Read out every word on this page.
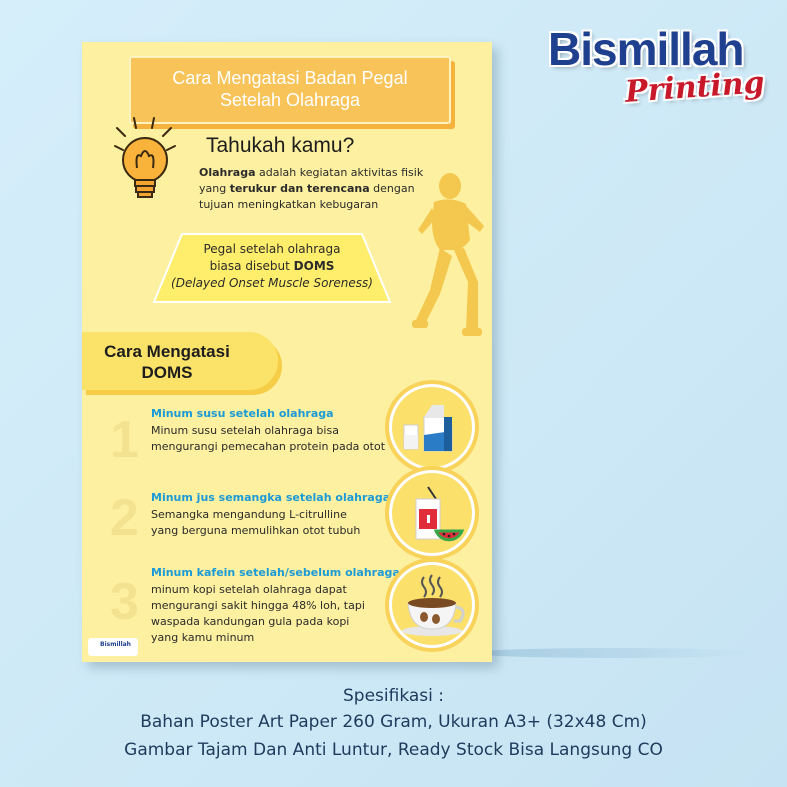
Bismillah
Printing
Cara Mengatasi Badan Pegal
Setelah Olahraga
Tahukah kamu?
Olahraga adalah kegiatan aktivitas fisik
yang terukur dan terencana dengan
tujuan meningkatkan kebugaran
Pegal setelah olahraga
biasa disebut DOMS
(Delayed Onset Muscle Soreness)
Cara Mengatasi
DOMS
1 Minum susu setelah olahraga
Minum susu setelah olahraga bisa
mengurangi pemecahan protein pada otot
2 Minum jus semangka setelah olahraga
Semangka mengandung L-citrulline
yang berguna memulihkan otot tubuh
3
Minum kafein setelah/sebelum olahraga
minum kopi setelah olahraga dapat
mengurangi sakit hingga 48% loh, tapi
waspada kandungan gula pada kopi
yang kamu minum
Bismillah
Spesifikasi :
Bahan Poster Art Paper 260 Gram, Ukuran A3+ (32x48 Cm)
Gambar Tajam Dan Anti Luntur, Ready Stock Bisa Langsung CO
